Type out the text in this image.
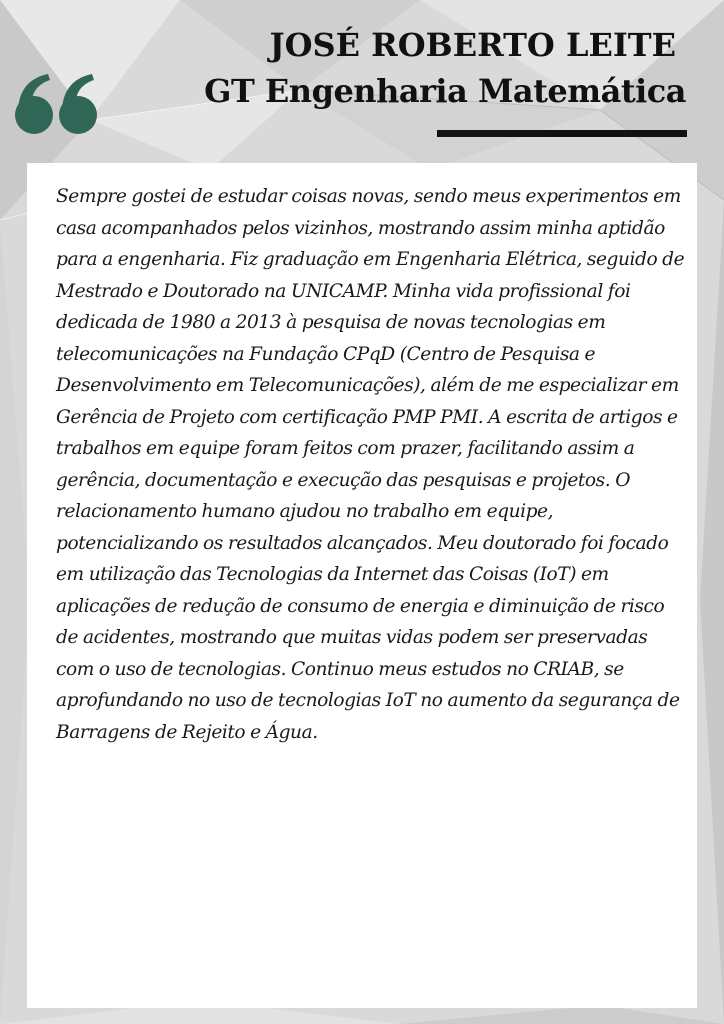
JOSÉ ROBERTO LEITE
GT Engenharia Matemática

Sempre gostei de estudar coisas novas, sendo meus experimentos em casa acompanhados pelos vizinhos, mostrando assim minha aptidão para a engenharia. Fiz graduação em Engenharia Elétrica, seguido de Mestrado e Doutorado na UNICAMP. Minha vida profissional foi dedicada de 1980 a 2013 à pesquisa de novas tecnologias em telecomunicações na Fundação CPqD (Centro de Pesquisa e Desenvolvimento em Telecomunicações), além de me especializar em Gerência de Projeto com certificação PMP PMI. A escrita de artigos e trabalhos em equipe foram feitos com prazer, facilitando assim a gerência, documentação e execução das pesquisas e projetos. O relacionamento humano ajudou no trabalho em equipe, potencializando os resultados alcançados. Meu doutorado foi focado em utilização das Tecnologias da Internet das Coisas (IoT) em aplicações de redução de consumo de energia e diminuição de risco de acidentes, mostrando que muitas vidas podem ser preservadas com o uso de tecnologias. Continuo meus estudos no CRIAB, se aprofundando no uso de tecnologias IoT no aumento da segurança de Barragens de Rejeito e Água.
